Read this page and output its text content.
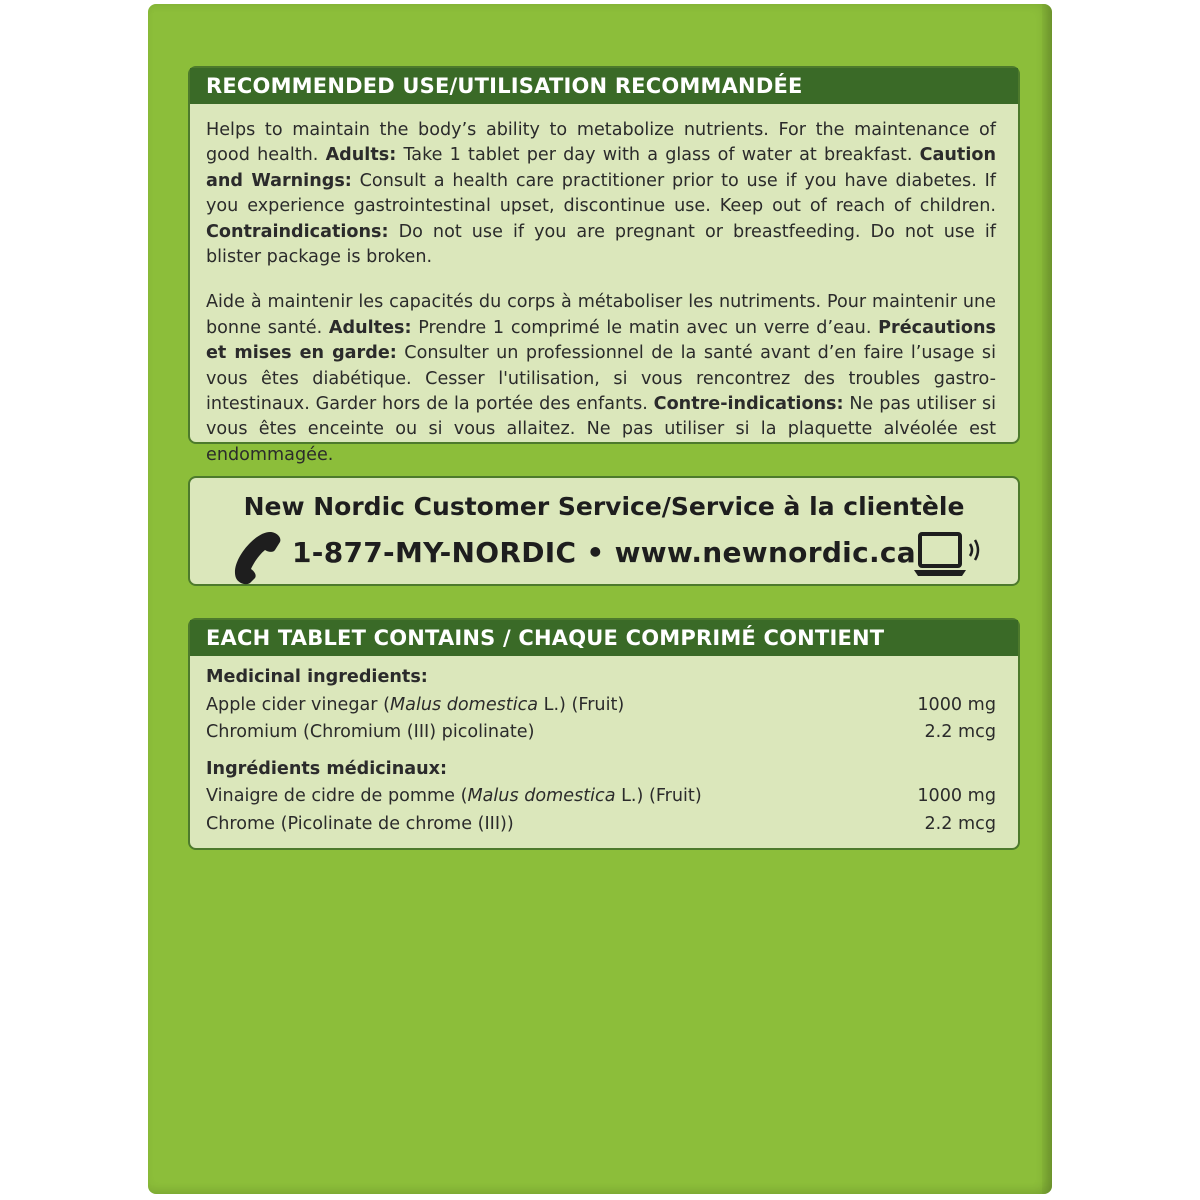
RECOMMENDED USE/UTILISATION RECOMMANDÉE

Helps to maintain the body’s ability to metabolize nutrients. For the maintenance of good health. Adults: Take 1 tablet per day with a glass of water at breakfast. Caution and Warnings: Consult a health care practitioner prior to use if you have diabetes. If you experience gastrointestinal upset, discontinue use. Keep out of reach of children. Contraindications: Do not use if you are pregnant or breastfeeding. Do not use if blister package is broken.

Aide à maintenir les capacités du corps à métaboliser les nutriments. Pour maintenir une bonne santé. Adultes: Prendre 1 comprimé le matin avec un verre d’eau. Précautions et mises en garde: Consulter un professionnel de la santé avant d’en faire l’usage si vous êtes diabétique. Cesser l'utilisation, si vous rencontrez des troubles gastro-intestinaux. Garder hors de la portée des enfants. Contre-indications: Ne pas utiliser si vous êtes enceinte ou si vous allaitez. Ne pas utiliser si la plaquette alvéolée est endommagée.

New Nordic Customer Service/Service à la clientèle
1-877-MY-NORDIC • www.newnordic.ca
EACH TABLET CONTAINS / CHAQUE COMPRIMÉ CONTIENT
Medicinal ingredients:
Apple cider vinegar (Malus domestica L.) (Fruit)	1000 mg
Chromium (Chromium (III) picolinate)	2.2 mcg
Ingrédients médicinaux:
Vinaigre de cidre de pomme (Malus domestica L.) (Fruit)	1000 mg
Chrome (Picolinate de chrome (III))	2.2 mcg
